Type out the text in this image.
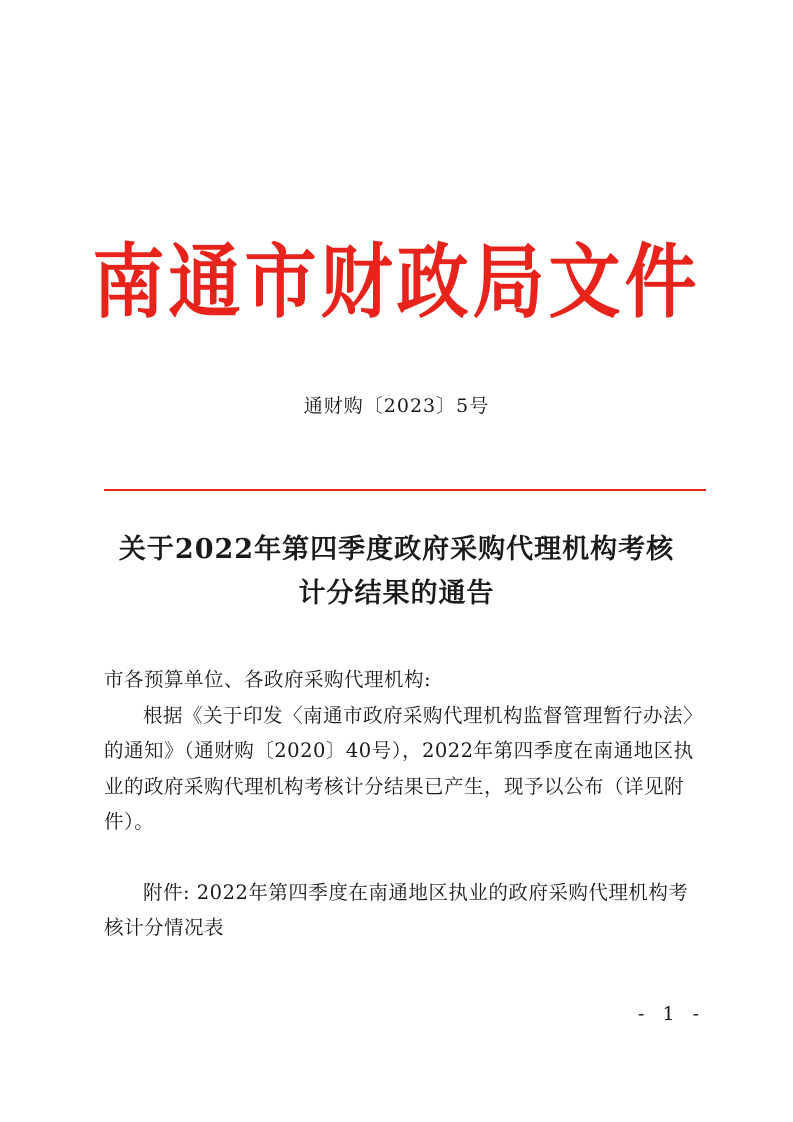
南通市财政局文件
通财购〔2023〕5号
关于2022年第四季度政府采购代理机构考核
计分结果的通告

市各预算单位、各政府采购代理机构:

根据《关于印发〈南通市政府采购代理机构监督管理暂行办法〉的通知》（通财购〔2020〕40号），2022年第四季度在南通地区执业的政府采购代理机构考核计分结果已产生，现予以公布（详见附件）。

附件: 2022年第四季度在南通地区执业的政府采购代理机构考核计分情况表

- 1 -
